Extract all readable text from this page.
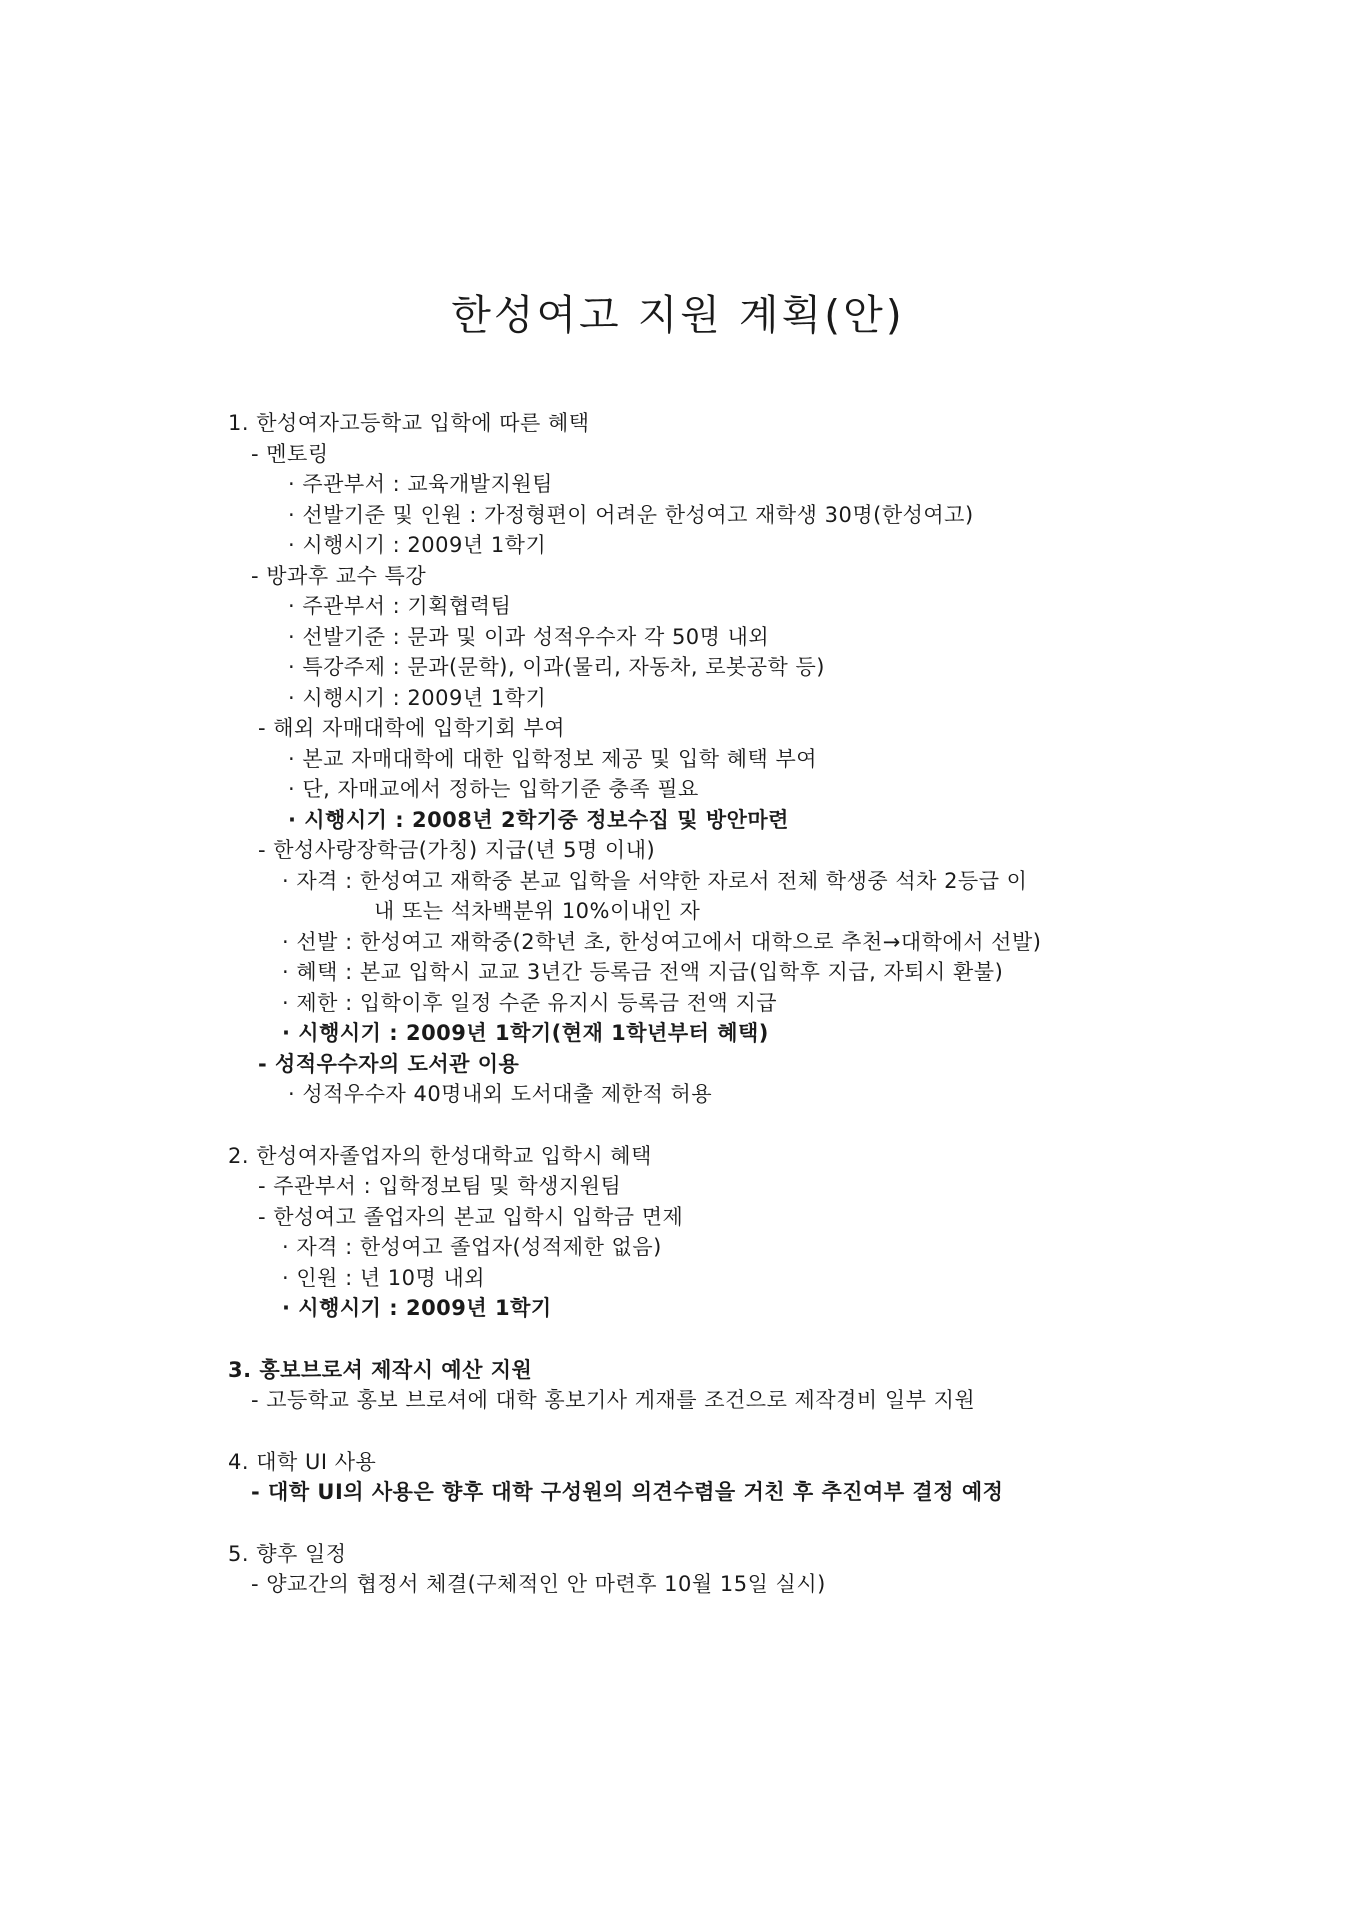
한성여고 지원 계획(안)
1. 한성여자고등학교 입학에 따른 혜택
- 멘토링
· 주관부서 : 교육개발지원팀
· 선발기준 및 인원 : 가정형편이 어려운 한성여고 재학생 30명(한성여고)
· 시행시기 : 2009년 1학기
- 방과후 교수 특강
· 주관부서 : 기획협력팀
· 선발기준 : 문과 및 이과 성적우수자 각 50명 내외
· 특강주제 : 문과(문학), 이과(물리, 자동차, 로봇공학 등)
· 시행시기 : 2009년 1학기
- 해외 자매대학에 입학기회 부여
· 본교 자매대학에 대한 입학정보 제공 및 입학 혜택 부여
· 단, 자매교에서 정하는 입학기준 충족 필요
· 시행시기 : 2008년 2학기중 정보수집 및 방안마련
- 한성사랑장학금(가칭) 지급(년 5명 이내)
· 자격 : 한성여고 재학중 본교 입학을 서약한 자로서 전체 학생중 석차 2등급 이
내 또는 석차백분위 10%이내인 자
· 선발 : 한성여고 재학중(2학년 초, 한성여고에서 대학으로 추천→대학에서 선발)
· 혜택 : 본교 입학시 교교 3년간 등록금 전액 지급(입학후 지급, 자퇴시 환불)
· 제한 : 입학이후 일정 수준 유지시 등록금 전액 지급
· 시행시기 : 2009년 1학기(현재 1학년부터 혜택)
- 성적우수자의 도서관 이용
· 성적우수자 40명내외 도서대출 제한적 허용
2. 한성여자졸업자의 한성대학교 입학시 혜택
- 주관부서 : 입학정보팀 및 학생지원팀
- 한성여고 졸업자의 본교 입학시 입학금 면제
· 자격 : 한성여고 졸업자(성적제한 없음)
· 인원 : 년 10명 내외
· 시행시기 : 2009년 1학기
3. 홍보브로셔 제작시 예산 지원
- 고등학교 홍보 브로셔에 대학 홍보기사 게재를 조건으로 제작경비 일부 지원
4. 대학 UI 사용
- 대학 UI의 사용은 향후 대학 구성원의 의견수렴을 거친 후 추진여부 결정 예정
5. 향후 일정
- 양교간의 협정서 체결(구체적인 안 마련후 10월 15일 실시)
